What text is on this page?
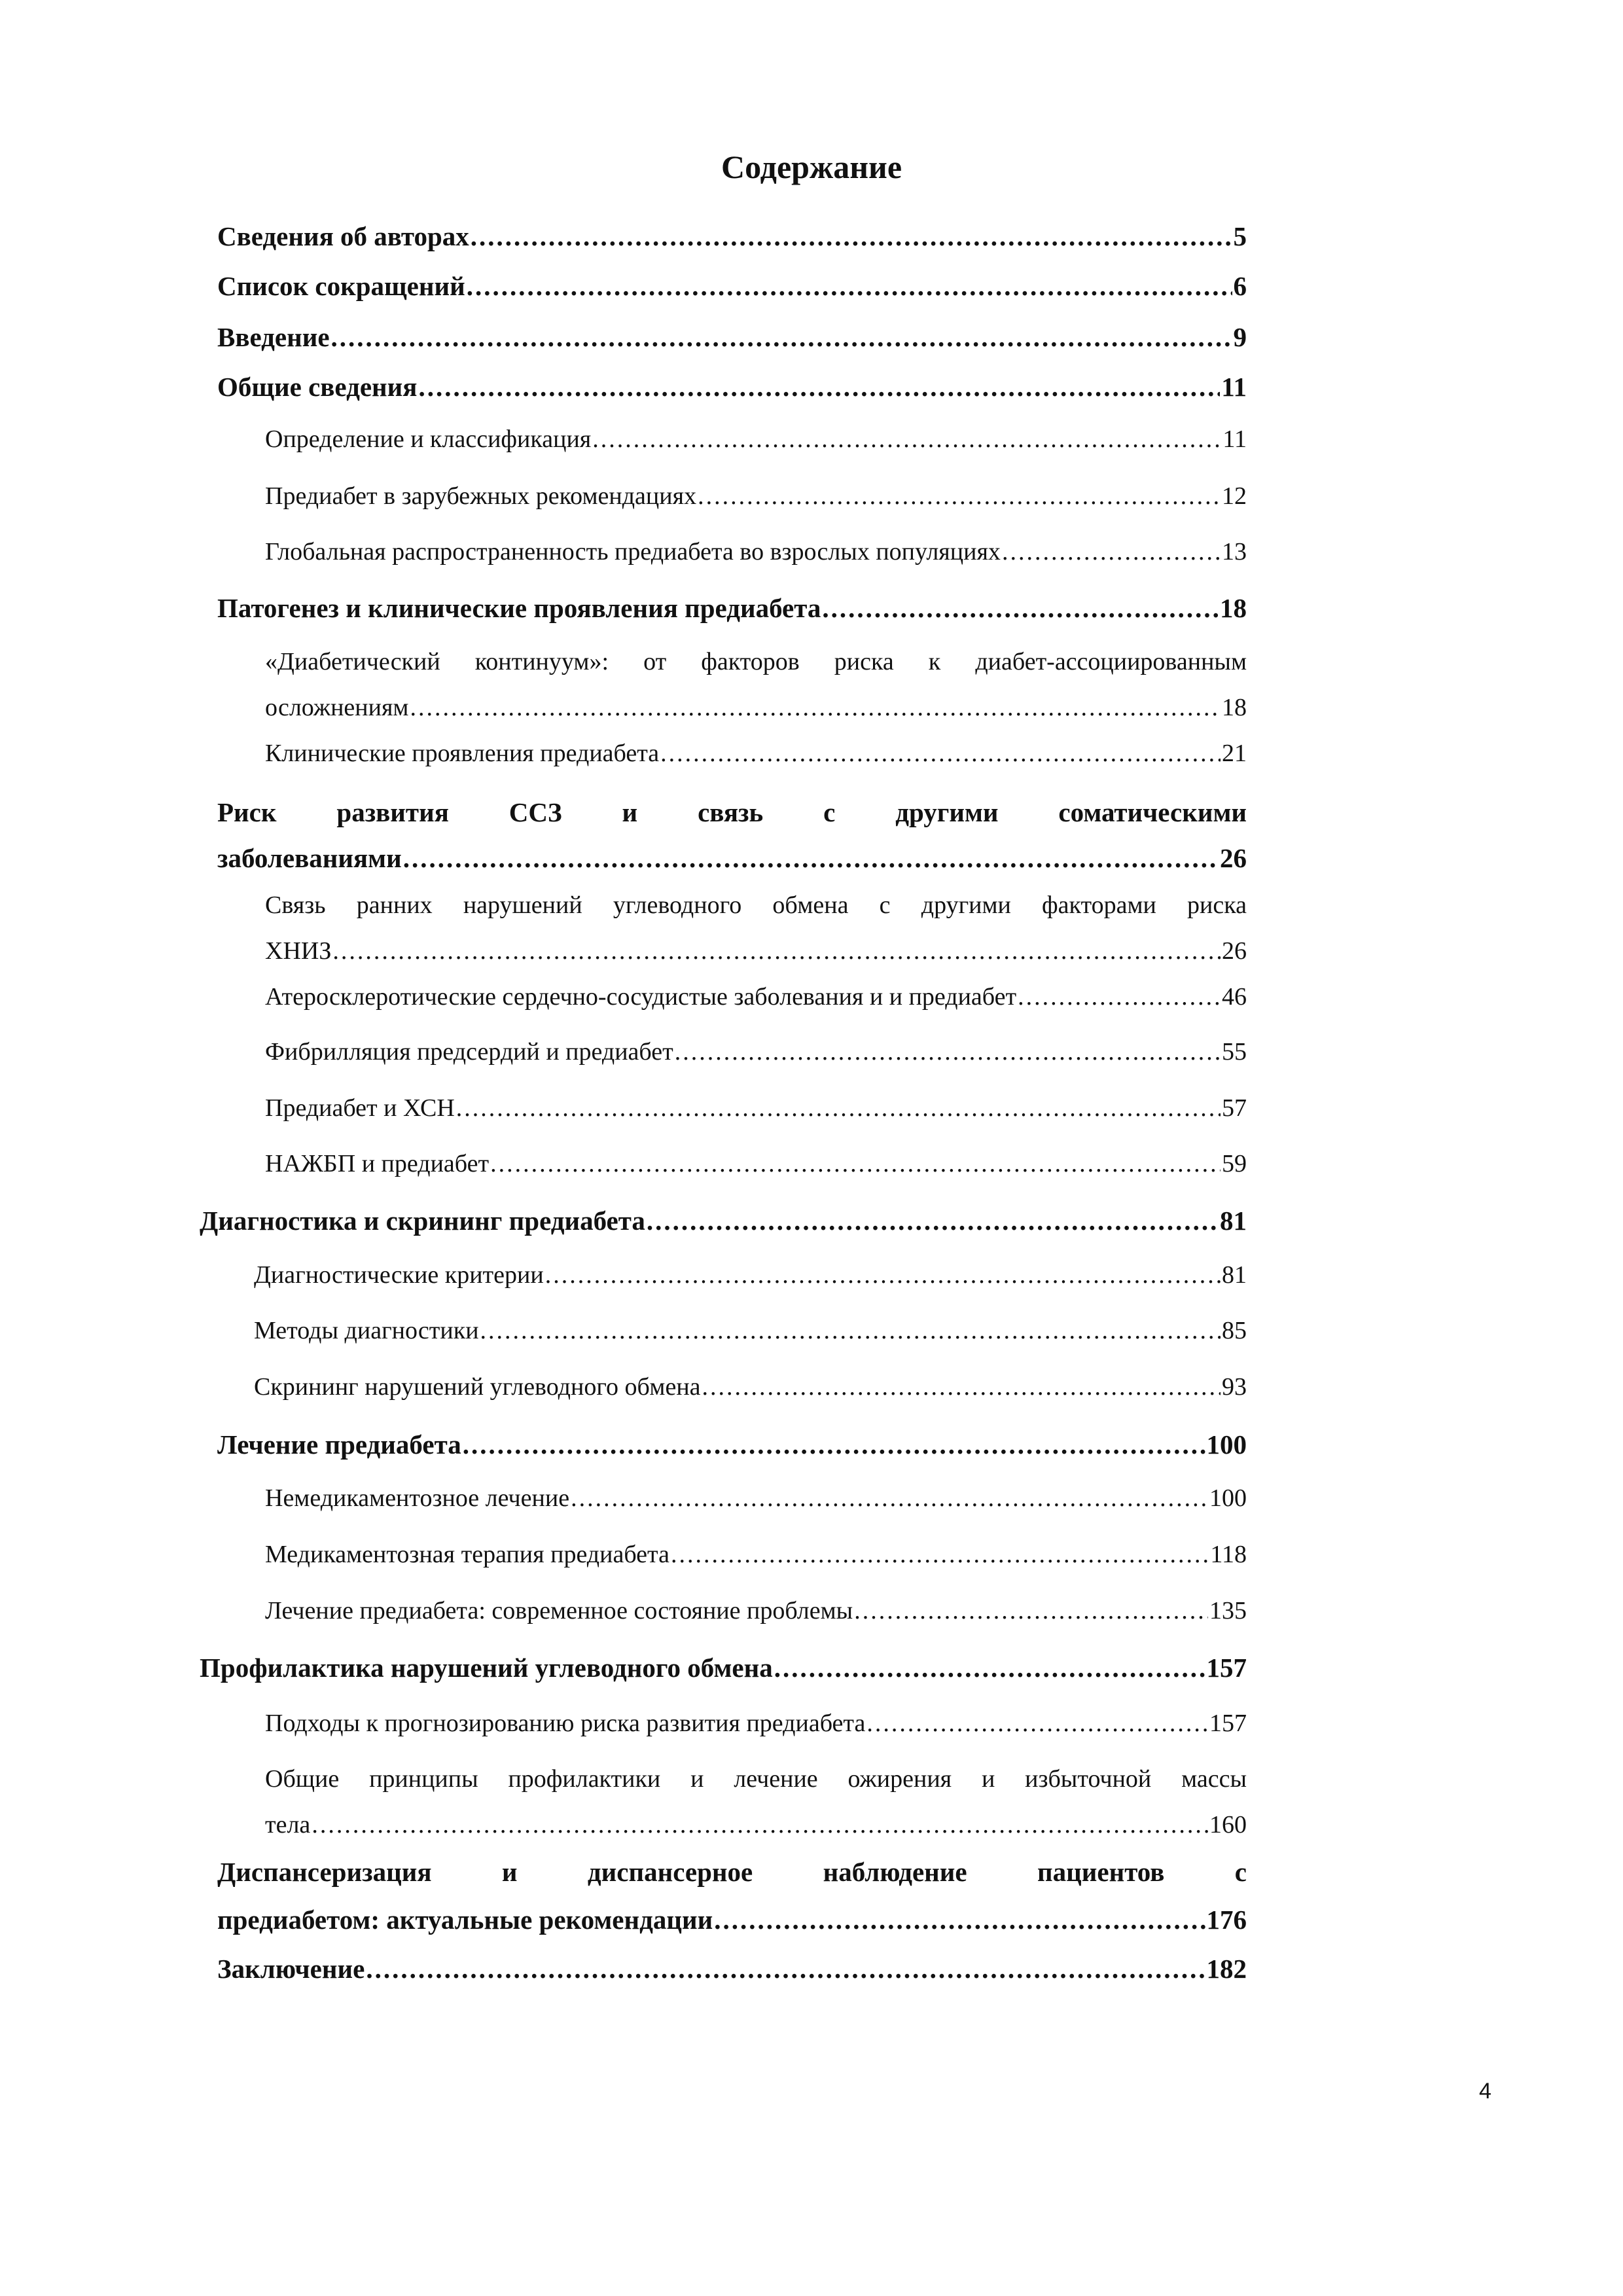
Содержание
Сведения об авторах .....	5
Список сокращений .....	6
Введение .....	9
Общие сведения .....	11
Определение и классификация .....	11
Предиабет в зарубежных рекомендациях .....	12
Глобальная распространенность предиабета во взрослых популяциях .....	13
Патогенез и клинические проявления предиабета .....	18
«Диабетический континуум»: от факторов риска к диабет-ассоциированным
осложнениям .....	18
Клинические проявления предиабета .....	21
Риск развития ССЗ и связь с другими соматическими
заболеваниями .....	26
Связь ранних нарушений углеводного обмена с другими факторами риска
ХНИЗ .....	26
Атеросклеротические сердечно-сосудистые заболевания и и предиабет .....	46
Фибрилляция предсердий и предиабет .....	55
Предиабет и ХСН .....	57
НАЖБП и предиабет .....	59
Диагностика и скрининг предиабета .....	81
Диагностические критерии .....	81
Методы диагностики .....	85
Скрининг нарушений углеводного обмена .....	93
Лечение предиабета .....	100
Немедикаментозное лечение .....	100
Медикаментозная терапия предиабета .....	118
Лечение предиабета: современное состояние проблемы .....	135
Профилактика нарушений углеводного обмена .....	157
Подходы к прогнозированию риска развития предиабета .....	157
Общие принципы профилактики и лечение ожирения и избыточной массы
тела .....	160
Диспансеризация и диспансерное наблюдение пациентов с
предиабетом: актуальные рекомендации .....	176
Заключение .....	182
4
